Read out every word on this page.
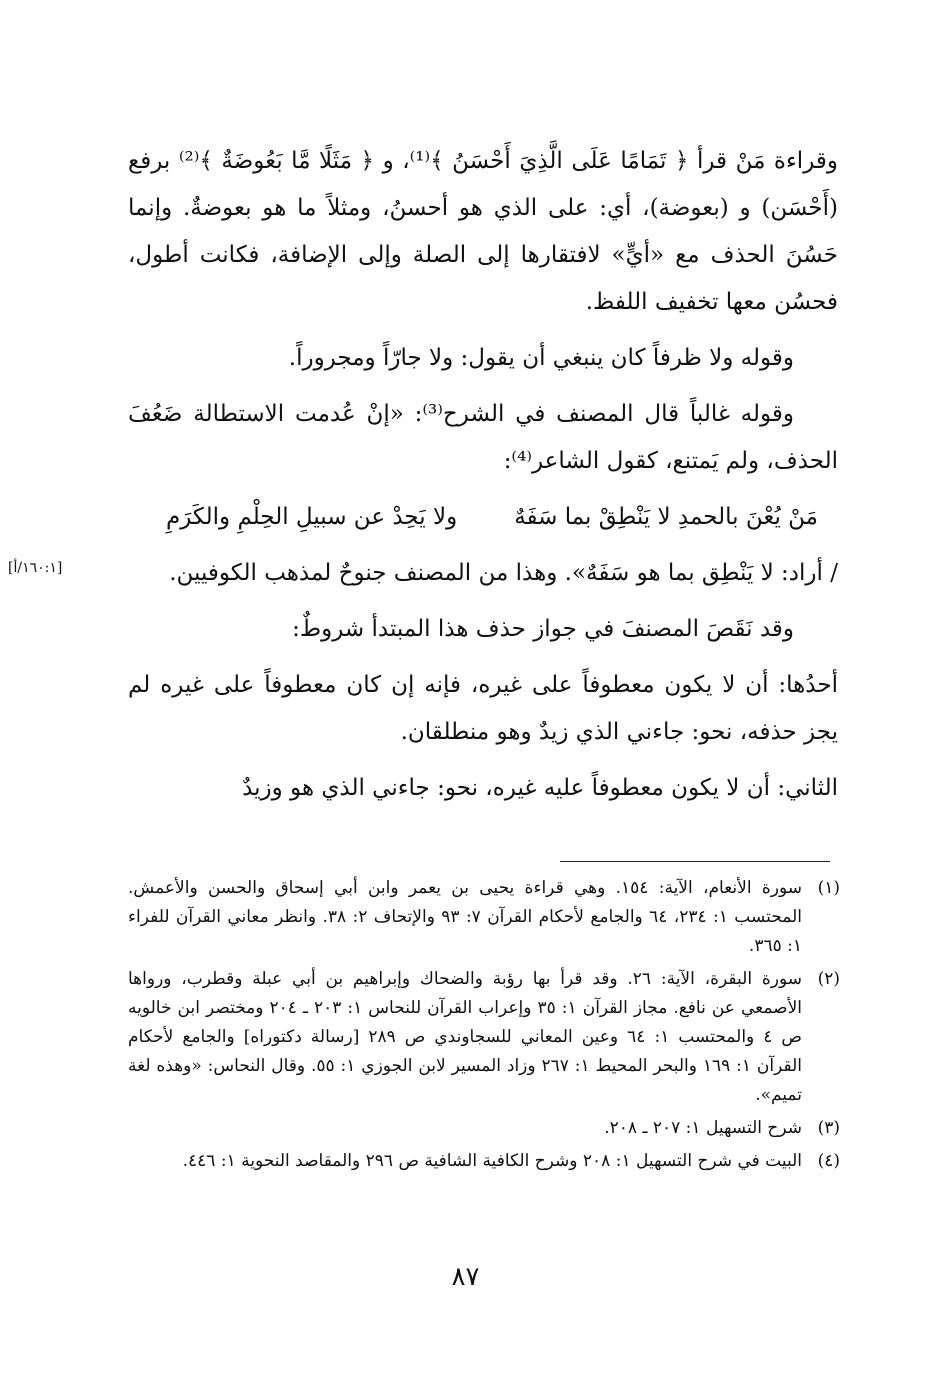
وقراءة مَنْ قرأ ﴿ تَمَامًا عَلَى الَّذِيَ أَحْسَنُ ﴾⁽¹⁾، و ﴿ مَثَلًا مَّا بَعُوضَةٌ ﴾⁽²⁾ برفع (أَحْسَن) و (بعوضة)، أي: على الذي هو أحسنُ، ومثلاً ما هو بعوضةٌ. وإنما حَسُنَ الحذف مع «أيٍّ» لافتقارها إلى الصلة وإلى الإضافة، فكانت أطول، فحسُن معها تخفيف اللفظ.

وقوله ولا ظرفاً كان ينبغي أن يقول: ولا جارّاً ومجروراً.

وقوله غالباً قال المصنف في الشرح⁽³⁾: «إنْ عُدمت الاستطالة ضَعُفَ الحذف، ولم يَمتنع، كقول الشاعر⁽⁴⁾:

مَنْ يُعْنَ بالحمدِ لا يَنْطِقْ بما سَفَهٌ
ولا يَحِدْ عن سبيلِ الحِلْمِ والكَرَمِ

/ أراد: لا يَنْطِق بما هو سَفَهٌ». وهذا من المصنف جنوحٌ لمذهب الكوفيين.

وقد نَقَصَ المصنفَ في جواز حذف هذا المبتدأ شروطٌ:

أحدُها: أن لا يكون معطوفاً على غيره، فإنه إن كان معطوفاً على غيره لم يجز حذفه، نحو: جاءني الذي زيدٌ وهو منطلقان.

الثاني: أن لا يكون معطوفاً عليه غيره، نحو: جاءني الذي هو وزيدٌ

[١٦٠:١/أ]
(١)
سورة الأنعام، الآية: ١٥٤. وهي قراءة يحيى بن يعمر وابن أبي إسحاق والحسن والأعمش. المحتسب ١: ٢٣٤، ٦٤ والجامع لأحكام القرآن ٧: ٩٣ والإتحاف ٢: ٣٨. وانظر معاني القرآن للفراء ١: ٣٦٥.
(٢)
سورة البقرة، الآية: ٢٦. وقد قرأ بها رؤبة والضحاك وإبراهيم بن أبي عبلة وقطرب، ورواها الأصمعي عن نافع. مجاز القرآن ١: ٣٥ وإعراب القرآن للنحاس ١: ٢٠٣ ـ ٢٠٤ ومختصر ابن خالويه ص ٤ والمحتسب ١: ٦٤ وعين المعاني للسجاوندي ص ٢٨٩ [رسالة دكتوراه] والجامع لأحكام القرآن ١: ١٦٩ والبحر المحيط ١: ٢٦٧ وزاد المسير لابن الجوزي ١: ٥٥. وقال النحاس: «وهذه لغة تميم».
(٣)
شرح التسهيل ١: ٢٠٧ ـ ٢٠٨.
(٤)
البيت في شرح التسهيل ١: ٢٠٨ وشرح الكافية الشافية ص ٢٩٦ والمقاصد النحوية ١: ٤٤٦.
٨٧
